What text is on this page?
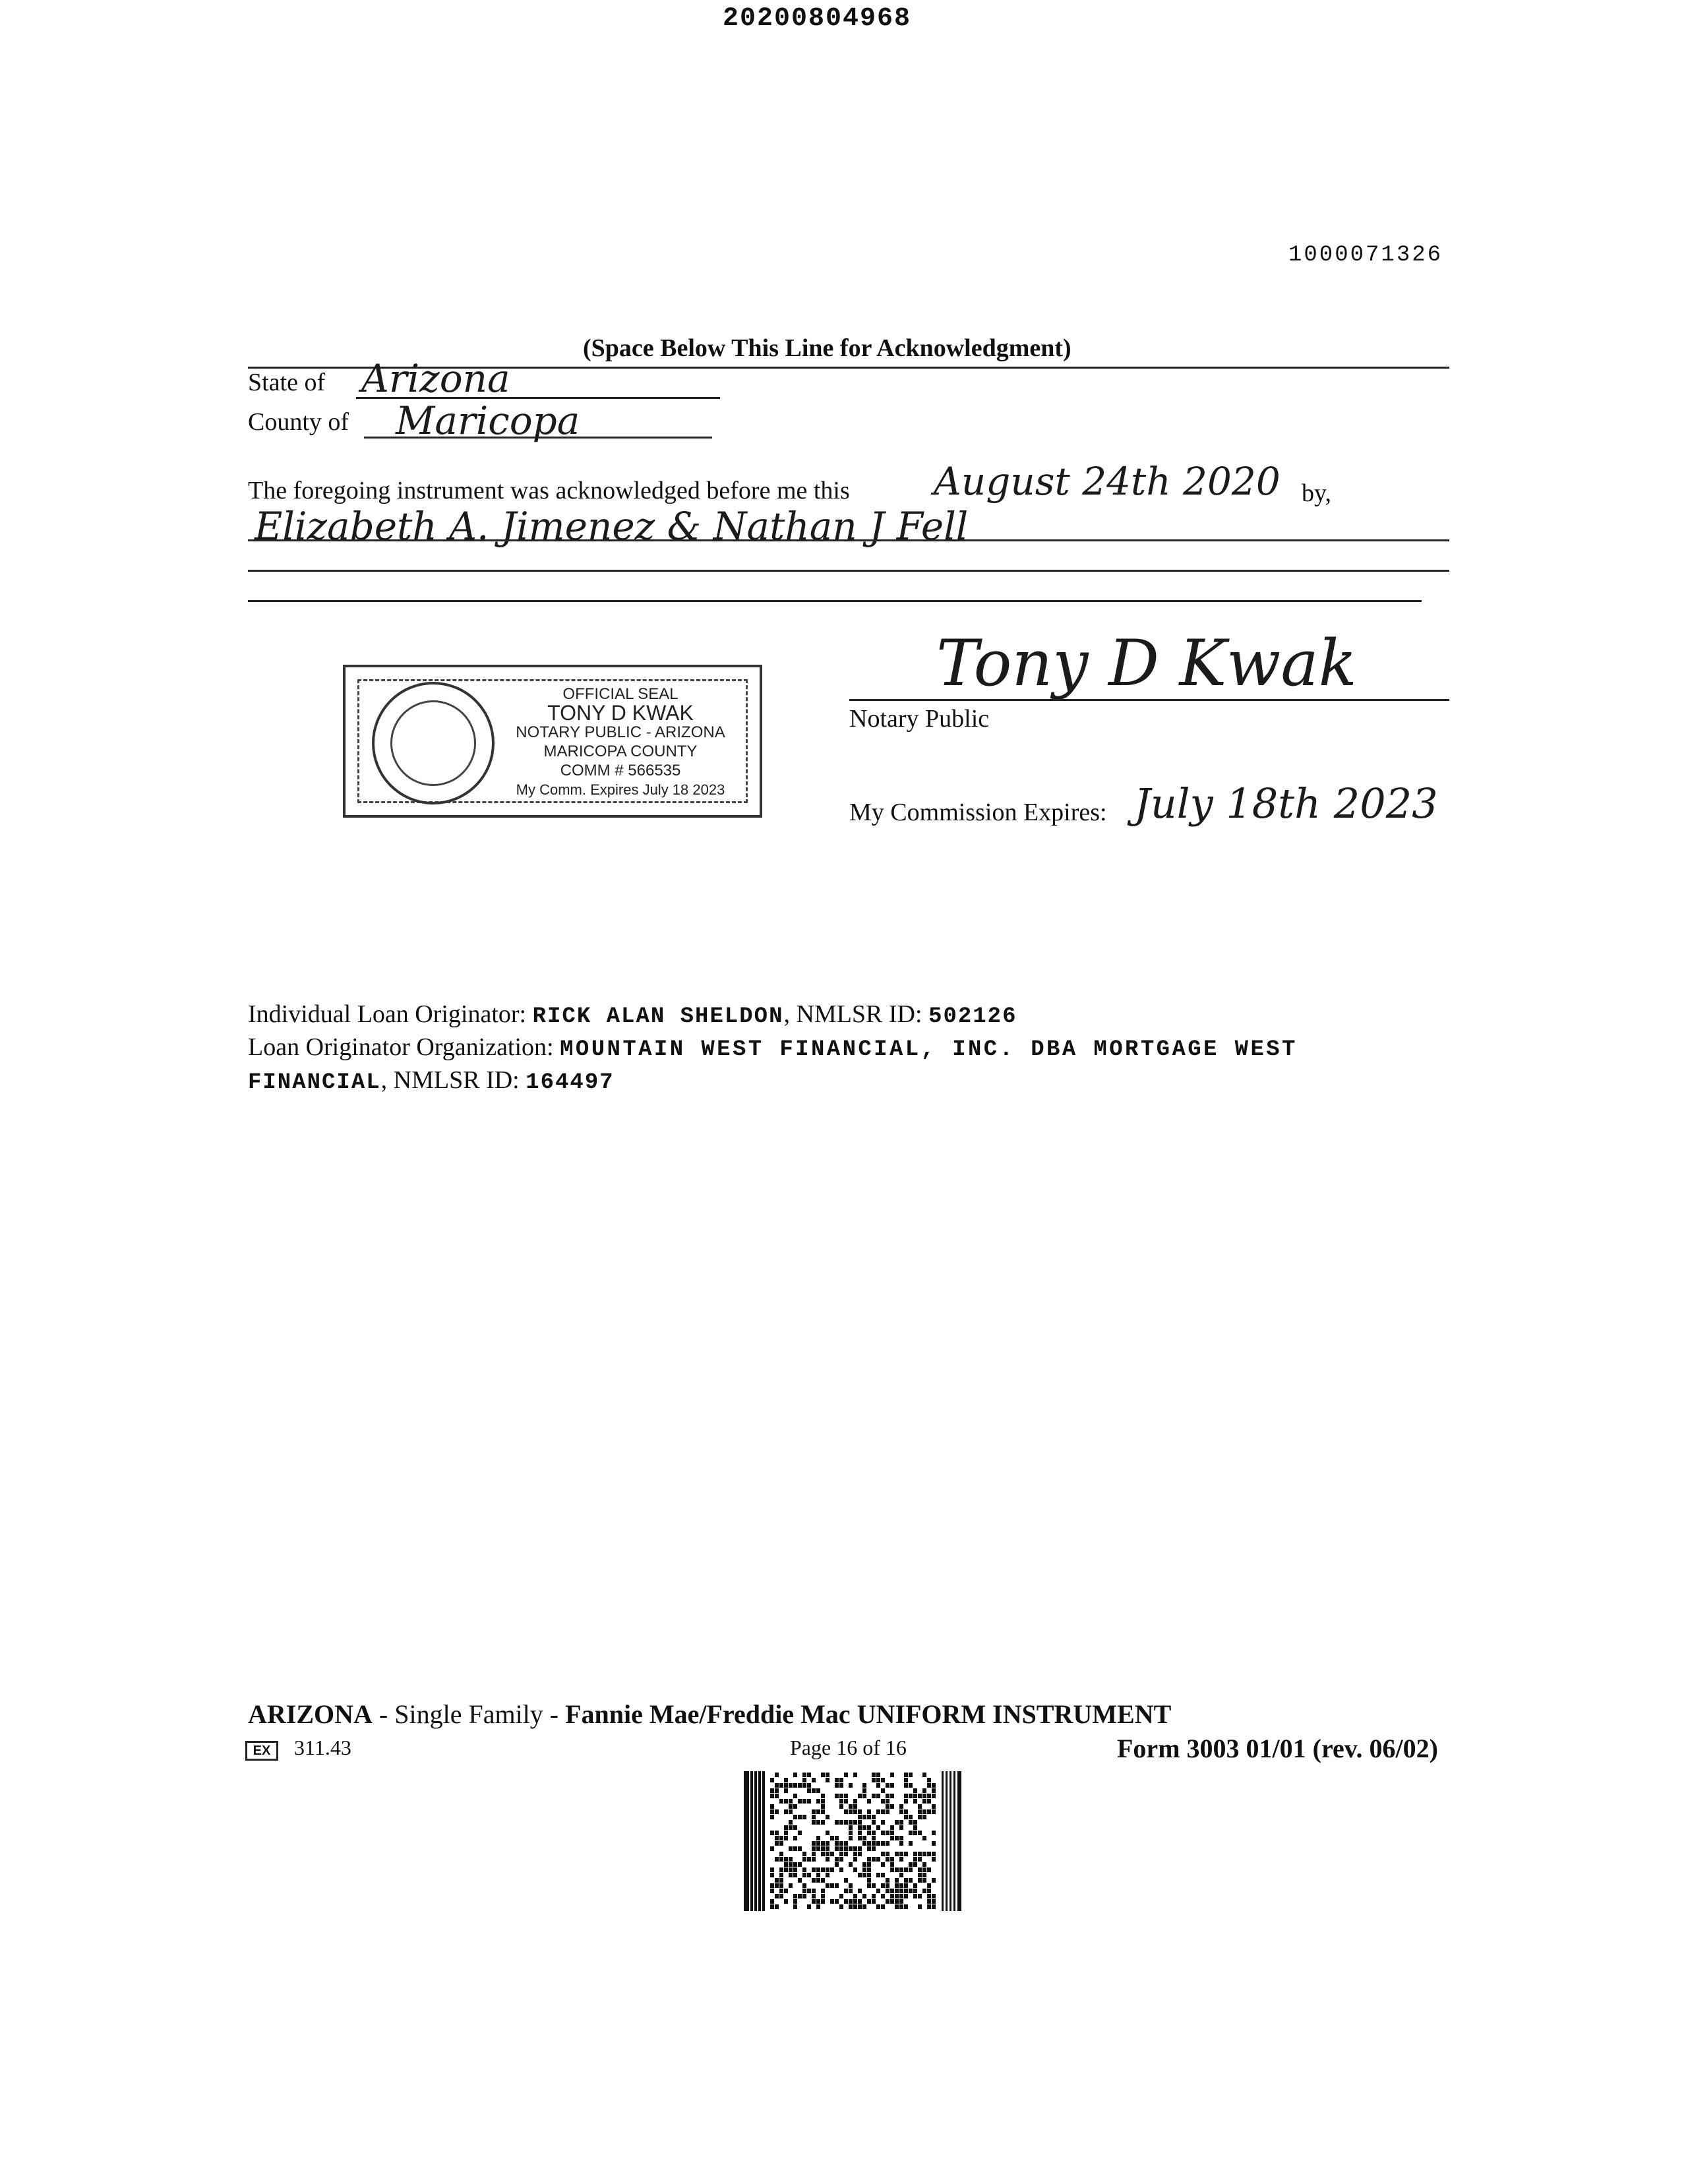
20200804968
1000071326
(Space Below This Line for Acknowledgment)
State of Arizona
County of Maricopa
The foregoing instrument was acknowledged before me this August 24th 2020 by,
Elizabeth A. Jimenez & Nathan J Fell
OFFICIAL SEAL
TONY D KWAK
NOTARY PUBLIC - ARIZONA
MARICOPA COUNTY
COMM # 566535
My Comm. Expires July 18 2023
Tony D Kwak
Notary Public
My Commission Expires: July 18th 2023
Individual Loan Originator: RICK ALAN SHELDON, NMLSR ID: 502126
Loan Originator Organization: MOUNTAIN WEST FINANCIAL, INC. DBA MORTGAGE WEST
FINANCIAL, NMLSR ID: 164497
ARIZONA - Single Family - Fannie Mae/Freddie Mac UNIFORM INSTRUMENT
EX	311.43	Page 16 of 16	Form 3003 01/01 (rev. 06/02)
